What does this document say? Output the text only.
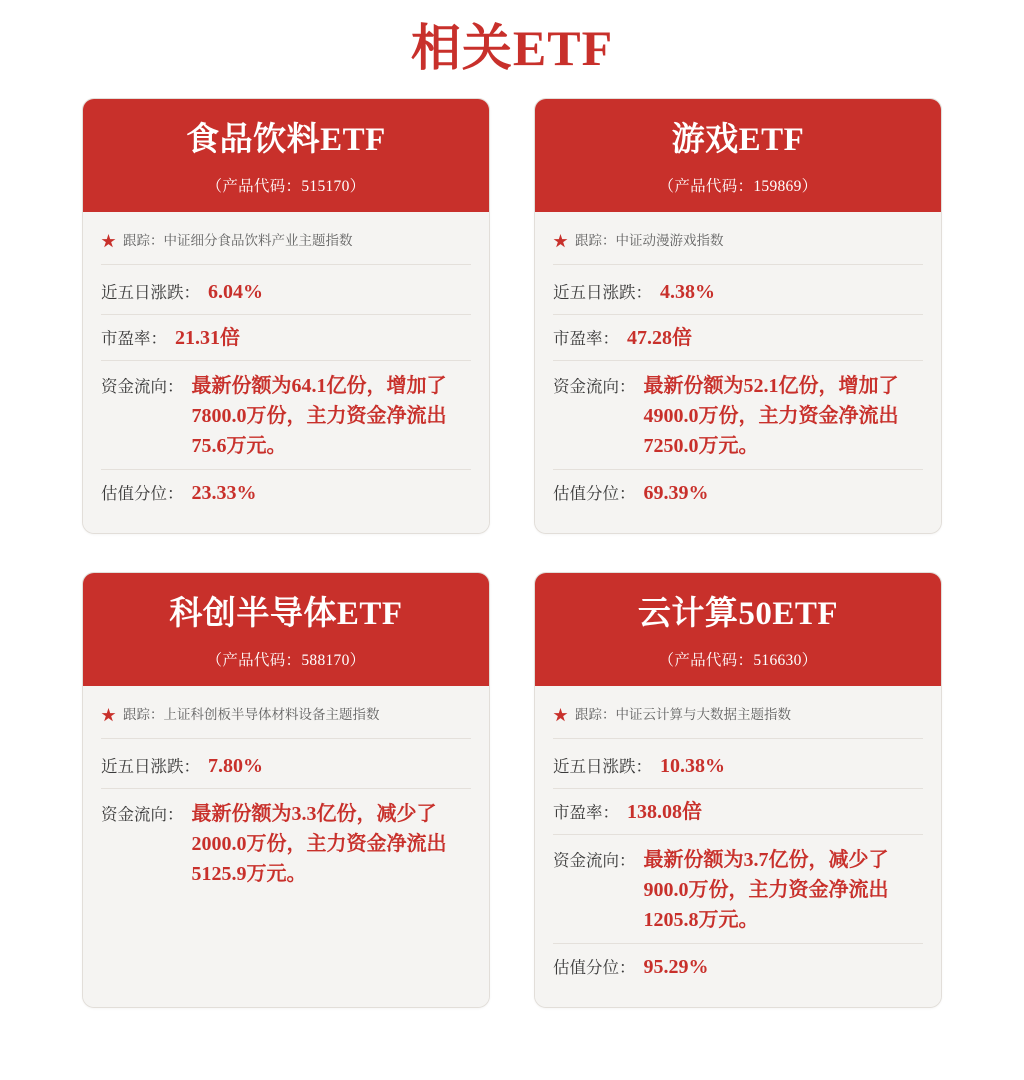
相关ETF
食品饮料ETF
（产品代码：515170）
★ 跟踪：中证细分食品饮料产业主题指数
近五日涨跌： 6.04%
市盈率： 21.31倍
资金流向： 最新份额为64.1亿份，增加了7800.0万份，主力资金净流出75.6万元。
估值分位： 23.33%
游戏ETF
（产品代码：159869）
★ 跟踪：中证动漫游戏指数
近五日涨跌： 4.38%
市盈率： 47.28倍
资金流向： 最新份额为52.1亿份，增加了4900.0万份，主力资金净流出7250.0万元。
估值分位： 69.39%
科创半导体ETF
（产品代码：588170）
★ 跟踪：上证科创板半导体材料设备主题指数
近五日涨跌： 7.80%
资金流向： 最新份额为3.3亿份，减少了2000.0万份，主力资金净流出5125.9万元。
云计算50ETF
（产品代码：516630）
★ 跟踪：中证云计算与大数据主题指数
近五日涨跌： 10.38%
市盈率： 138.08倍
资金流向： 最新份额为3.7亿份，减少了900.0万份，主力资金净流出1205.8万元。
估值分位： 95.29%
